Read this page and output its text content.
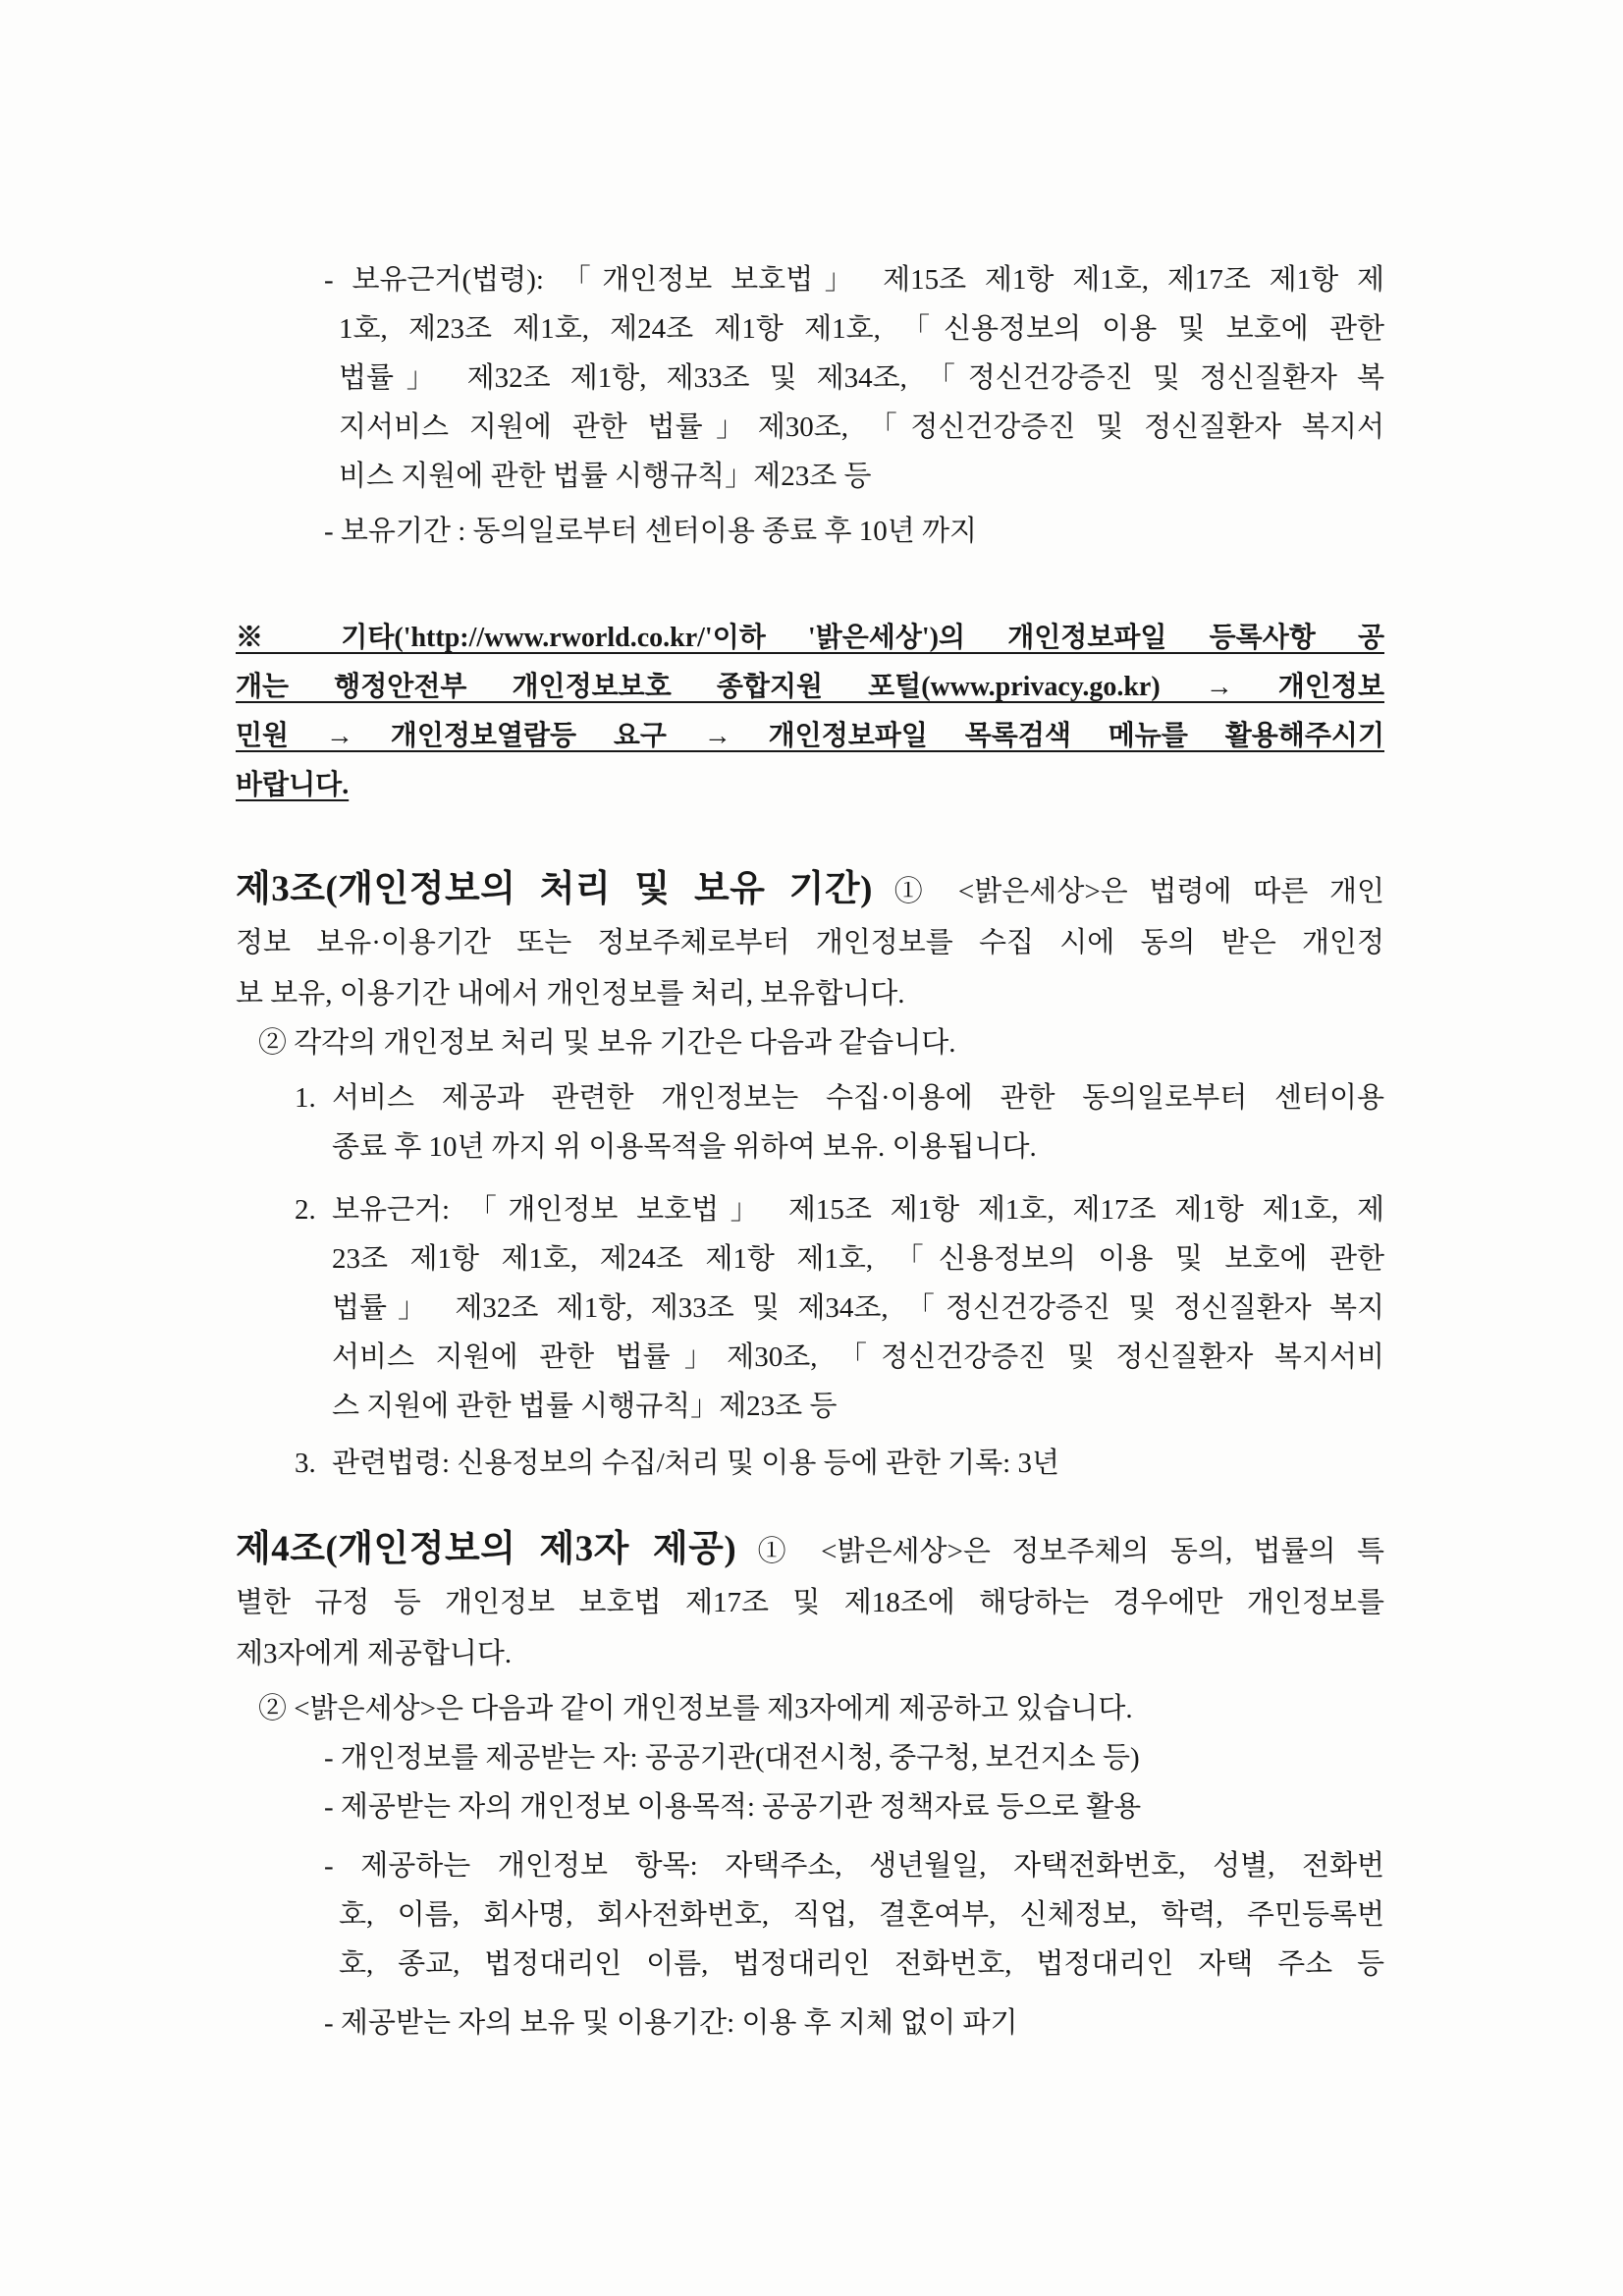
- 보유근거(법령): 「개인정보 보호법」 제15조 제1항 제1호, 제17조 제1항 제
1호, 제23조 제1호, 제24조 제1항 제1호, 「신용정보의 이용 및 보호에 관한
법률」 제32조 제1항, 제33조 및 제34조, 「정신건강증진 및 정신질환자 복
지서비스 지원에 관한 법률」제30조, 「정신건강증진 및 정신질환자 복지서
비스 지원에 관한 법률 시행규칙」제23조 등
- 보유기간 : 동의일로부터 센터이용 종료 후 10년 까지
※ 기타('http://www.rworld.co.kr/'이하 '밝은세상')의 개인정보파일 등록사항 공
개는 행정안전부 개인정보보호 종합지원 포털(www.privacy.go.kr) → 개인정보
민원 → 개인정보열람등 요구 → 개인정보파일 목록검색 메뉴를 활용해주시기
바랍니다.
제3조(개인정보의 처리 및 보유 기간) ① <밝은세상>은 법령에 따른 개인
정보 보유·이용기간 또는 정보주체로부터 개인정보를 수집 시에 동의 받은 개인정
보 보유, 이용기간 내에서 개인정보를 처리, 보유합니다.
② 각각의 개인정보 처리 및 보유 기간은 다음과 같습니다.
1. 서비스 제공과 관련한 개인정보는 수집·이용에 관한 동의일로부터 센터이용
종료 후 10년 까지 위 이용목적을 위하여 보유. 이용됩니다.
2. 보유근거: 「개인정보 보호법」 제15조 제1항 제1호, 제17조 제1항 제1호, 제
23조 제1항 제1호, 제24조 제1항 제1호, 「신용정보의 이용 및 보호에 관한
법률」 제32조 제1항, 제33조 및 제34조, 「정신건강증진 및 정신질환자 복지
서비스 지원에 관한 법률」제30조, 「정신건강증진 및 정신질환자 복지서비
스 지원에 관한 법률 시행규칙」제23조 등
3. 관련법령: 신용정보의 수집/처리 및 이용 등에 관한 기록: 3년
제4조(개인정보의 제3자 제공) ① <밝은세상>은 정보주체의 동의, 법률의 특
별한 규정 등 개인정보 보호법 제17조 및 제18조에 해당하는 경우에만 개인정보를
제3자에게 제공합니다.
② <밝은세상>은 다음과 같이 개인정보를 제3자에게 제공하고 있습니다.
- 개인정보를 제공받는 자: 공공기관(대전시청, 중구청, 보건지소 등)
- 제공받는 자의 개인정보 이용목적: 공공기관 정책자료 등으로 활용
- 제공하는 개인정보 항목: 자택주소, 생년월일, 자택전화번호, 성별, 전화번
호, 이름, 회사명, 회사전화번호, 직업, 결혼여부, 신체정보, 학력, 주민등록번
호, 종교, 법정대리인 이름, 법정대리인 전화번호, 법정대리인 자택 주소 등
- 제공받는 자의 보유 및 이용기간: 이용 후 지체 없이 파기
